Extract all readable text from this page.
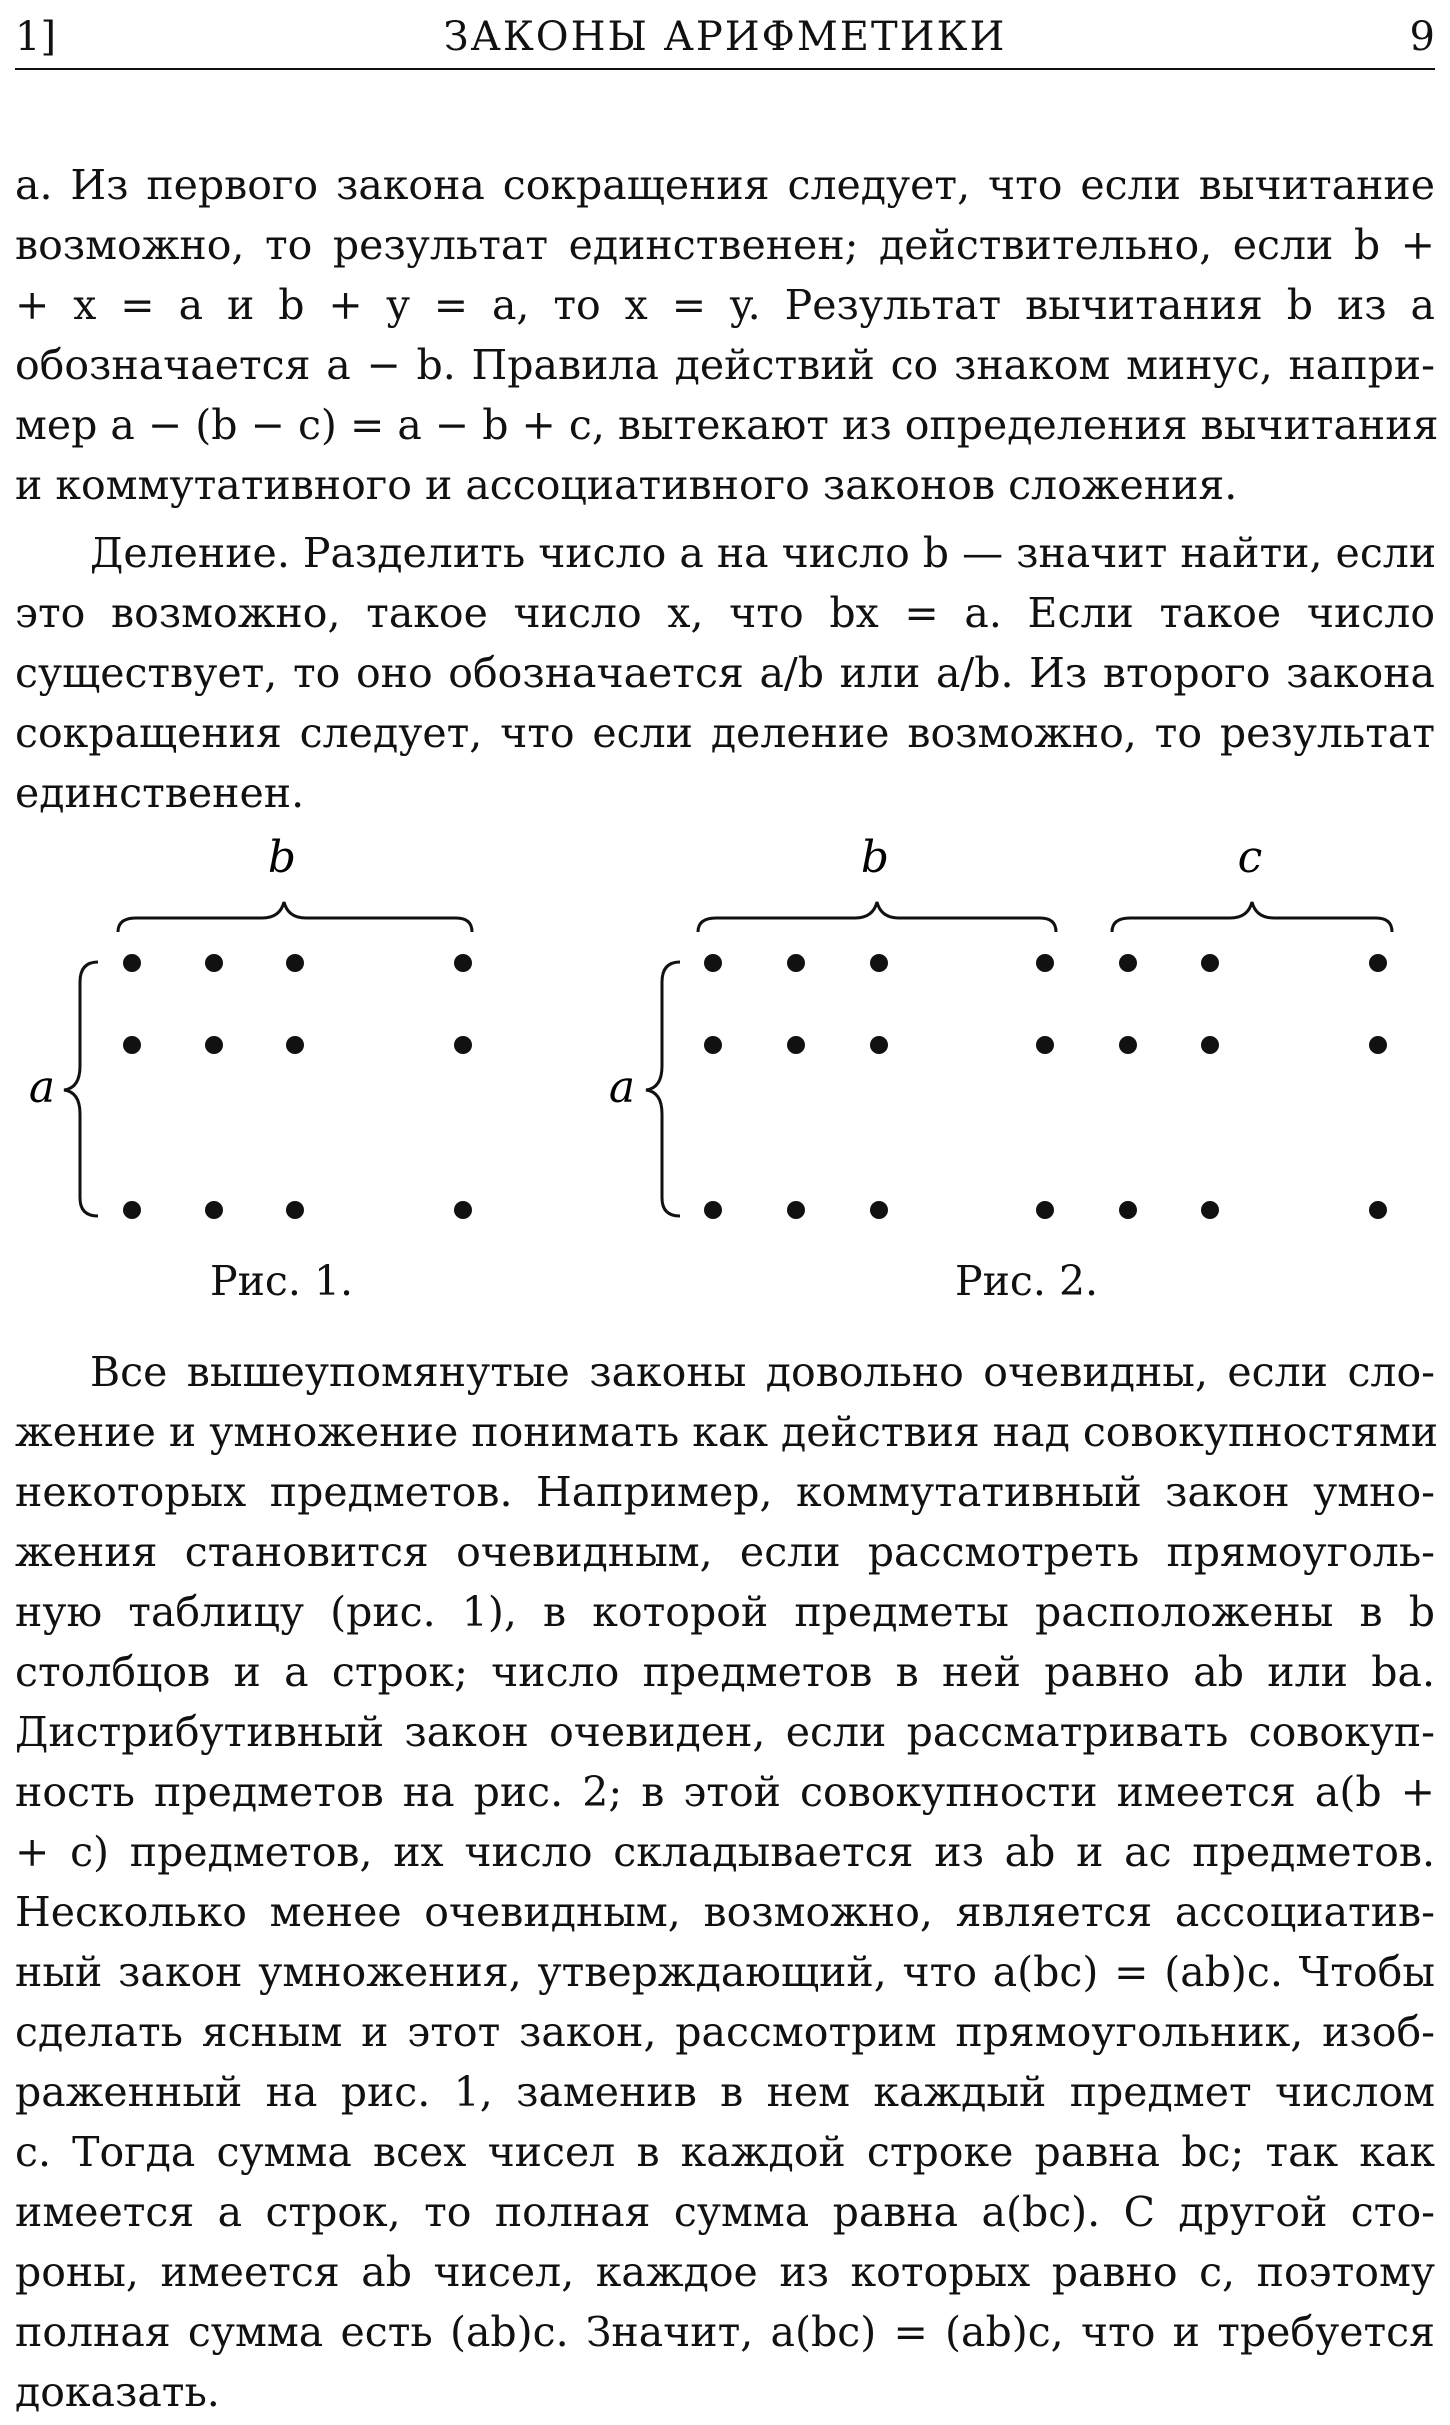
1]	ЗАКОНЫ АРИФМЕТИКИ	9
a. Из первого закона сокращения следует, что если вычитание
возможно, то результат единственен; действительно, если b +
+ x = a и b + y = a, то x = y. Результат вычитания b из a
обозначается a − b. Правила действий со знаком минус, напри-
мер a − (b − c) = a − b + c, вытекают из определения вычитания
и коммутативного и ассоциативного законов сложения.
Деление. Разделить число a на число b — значит найти, если
это возможно, такое число x, что bx = a. Если такое число
существует, то оно обозначается a/b или a/b. Из второго закона
сокращения следует, что если деление возможно, то результат
единственен.
b
a
b	c
a
Рис. 1.	Рис. 2.
Все вышеупомянутые законы довольно очевидны, если сло-
жение и умножение понимать как действия над совокупностями
некоторых предметов. Например, коммутативный закон умно-
жения становится очевидным, если рассмотреть прямоуголь-
ную таблицу (рис. 1), в которой предметы расположены в b
столбцов и a строк; число предметов в ней равно ab или ba.
Дистрибутивный закон очевиден, если рассматривать совокуп-
ность предметов на рис. 2; в этой совокупности имеется a(b +
+ c) предметов, их число складывается из ab и ac предметов.
Несколько менее очевидным, возможно, является ассоциатив-
ный закон умножения, утверждающий, что a(bc) = (ab)c. Чтобы
сделать ясным и этот закон, рассмотрим прямоугольник, изоб-
раженный на рис. 1, заменив в нем каждый предмет числом
c. Тогда сумма всех чисел в каждой строке равна bc; так как
имеется a строк, то полная сумма равна a(bc). С другой сто-
роны, имеется ab чисел, каждое из которых равно c, поэтому
полная сумма есть (ab)c. Значит, a(bc) = (ab)c, что и требуется
доказать.
